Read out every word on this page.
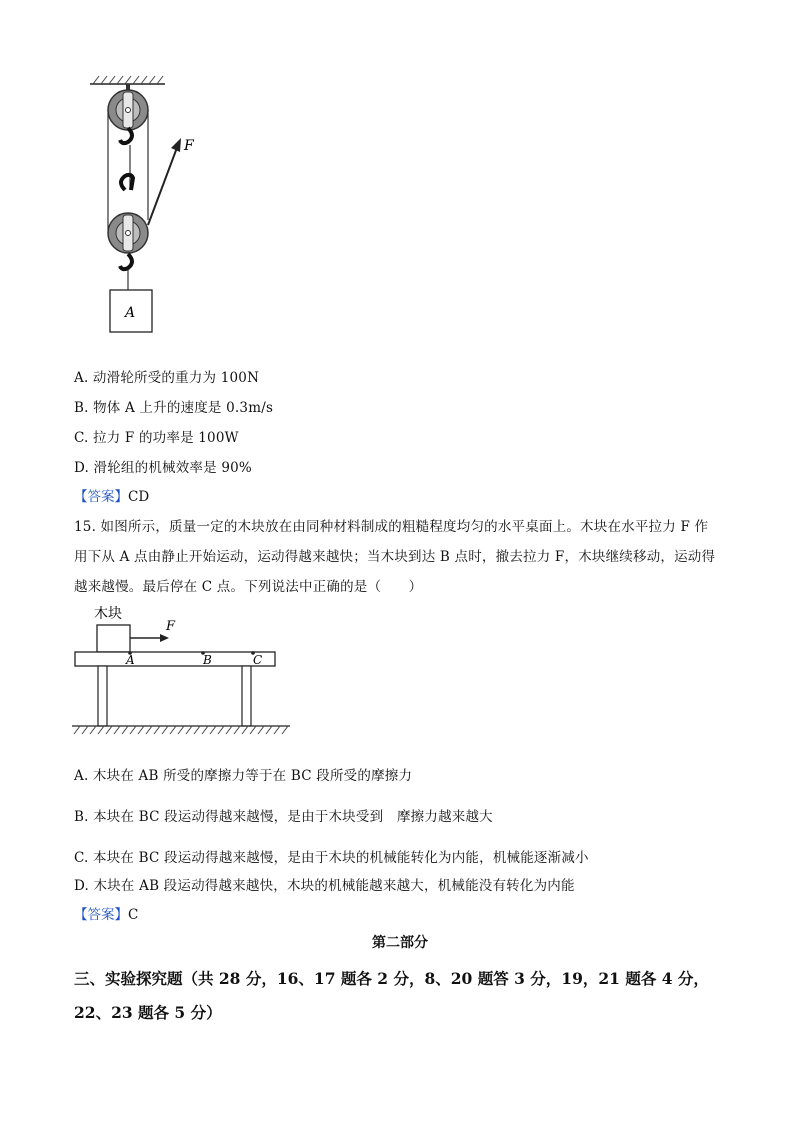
F
A
A. 动滑轮所受的重力为 100N
B. 物体 A 上升的速度是 0.3m/s
C. 拉力 F 的功率是 100W
D. 滑轮组的机械效率是 90%
【答案】CD
15. 如图所示，质量一定的木块放在由同种材料制成的粗糙程度均匀的水平桌面上。木块在水平拉力 F 作
用下从 A 点由静止开始运动，运动得越来越快；当木块到达 B 点时，撤去拉力 F，木块继续移动，运动得
越来越慢。最后停在 C 点。下列说法中正确的是（　　）
木块
F
A	B	C
A. 木块在 AB 所受的摩擦力等于在 BC 段所受的摩擦力
B. 本块在 BC 段运动得越来越慢，是由于木块受到　摩擦力越来越大
C. 本块在 BC 段运动得越来越慢，是由于木块的机械能转化为内能，机械能逐渐减小
D. 木块在 AB 段运动得越来越快，木块的机械能越来越大，机械能没有转化为内能
【答案】C
第二部分
三、实验探究题（共 28 分，16、17 题各 2 分，8、20 题答 3 分，19，21 题各 4 分，22、23 题各 5 分）
